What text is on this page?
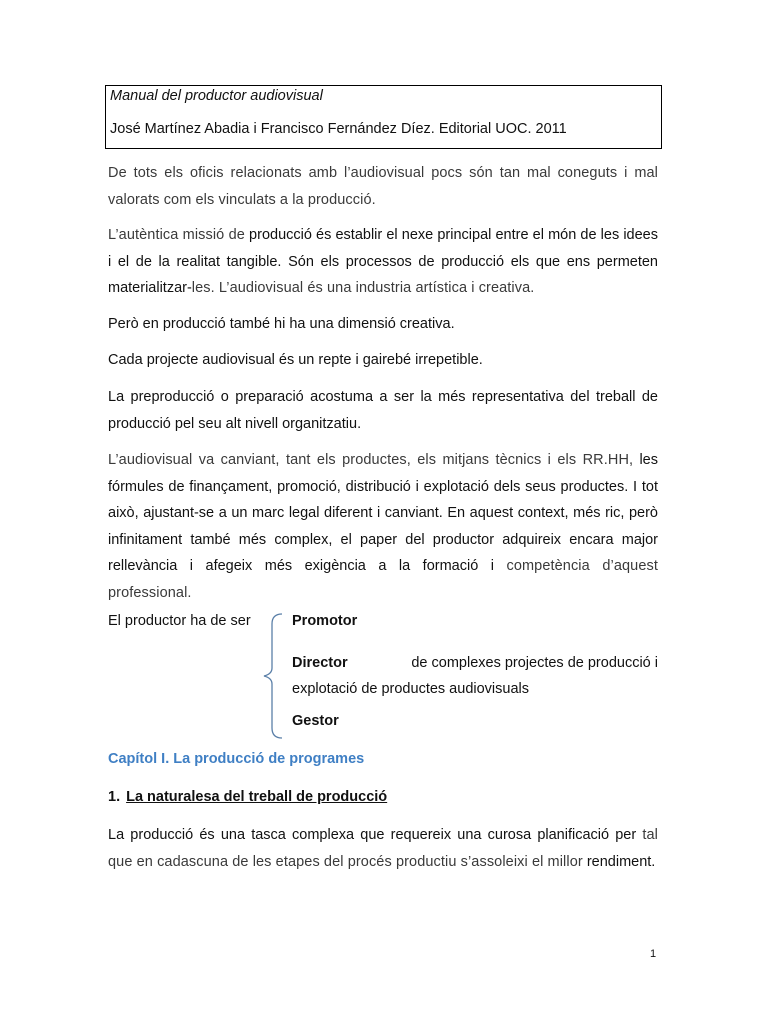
Manual del productor audiovisual

José Martínez Abadia i Francisco Fernández Díez. Editorial UOC. 2011

De tots els oficis relacionats amb l’audiovisual pocs són tan mal coneguts i mal valorats com els vinculats a la producció.

L’autèntica missió de producció és establir el nexe principal entre el món de les idees i el de la realitat tangible. Són els processos de producció els que ens permeten materialitzar-les. L’audiovisual és una industria artística i creativa.

Però en producció també hi ha una dimensió creativa.

Cada projecte audiovisual és un repte i gairebé irrepetible.

La preproducció o preparació acostuma a ser la més representativa del treball de producció pel seu alt nivell organitzatiu.

L’audiovisual va canviant, tant els productes, els mitjans tècnics i els RR.HH, les fórmules de finançament, promoció, distribució i explotació dels seus productes. I tot això, ajustant-se a un marc legal diferent i canviant. En aquest context, més ric, però infinitament també més complex, el paper del productor adquireix encara major rellevància i afegeix més exigència a la formació i competència d’aquest professional.

El productor ha de ser	Promotor

Director	de complexes projectes de producció i
explotació de productes audiovisuals

Gestor

Capítol I. La producció de programes
1. La naturalesa del treball de producció

La producció és una tasca complexa que requereix una curosa planificació per tal que en cadascuna de les etapes del procés productiu s’assoleixi el millor rendiment.

1
